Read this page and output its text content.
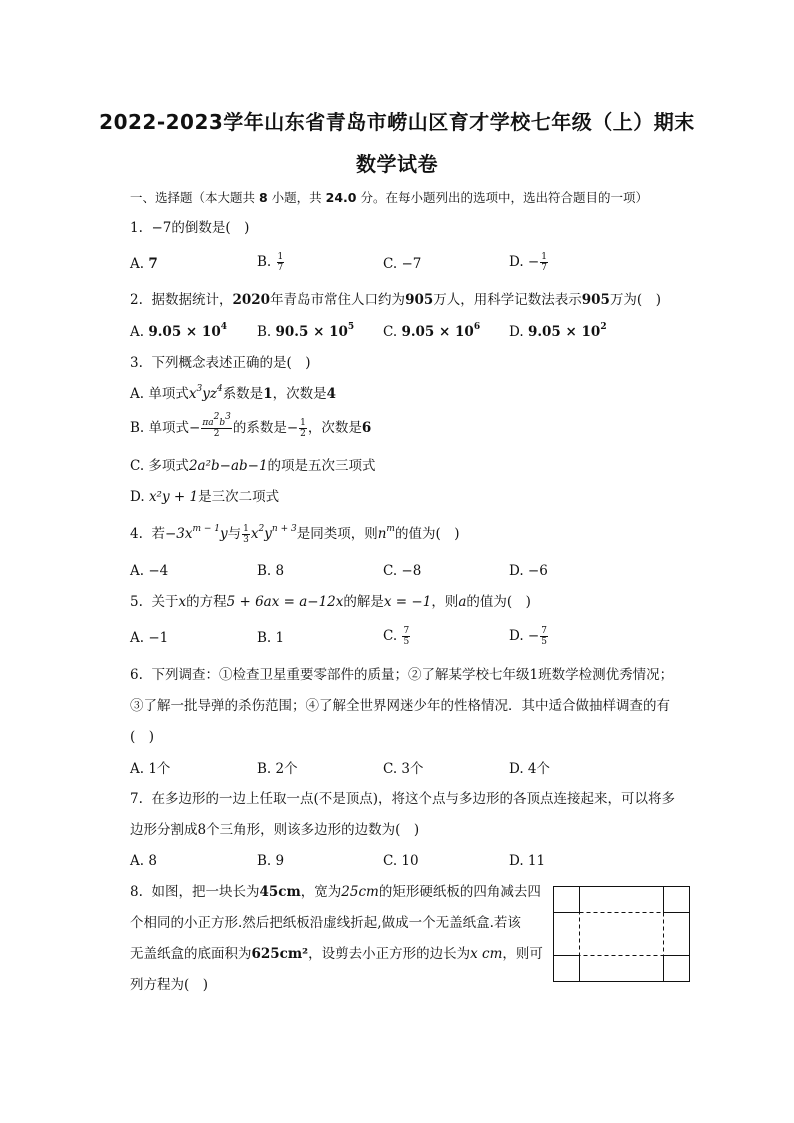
2022-2023学年山东省青岛市崂山区育才学校七年级（上）期末
数学试卷
一、选择题（本大题共 8 小题，共 24.0 分。在每小题列出的选项中，选出符合题目的一项）
1. −7的倒数是(　)
A. 7	B. $\frac{1}{7}$	C. −7	D. − $\frac{1}{7}$
2. 据数据统计，2020年青岛市常住人口约为905万人，用科学记数法表示905万为(　)
A. $9.05 \times 10^4$ B. $90.5 \times 10^5$ C. $9.05 \times 10^6$ D. $9.05 \times 10^2$
3. 下列概念表述正确的是(　)
A. 单项式$x^3yz^4$系数是1，次数是4
B. 单项式− $\frac{\pi a^2b^3}{2}$ 的系数是− $\frac{1}{2}$ ，次数是6
C. 多项式2a²b−ab−1的项是五次三项式
D. x²y + 1是三次二项式
4. 若$-3x^{m - 1}y$与 $\frac{1}{3} x^2y^{n + 3}$是同类项，则$n^m$的值为(　)
A. −4	B. 8	C. −8	D. −6
5. 关于x的方程5 + 6ax = a−12x的解是x = −1，则a的值为(　)
A. −1	B. 1	C. $\frac{7}{5}$	D. − $\frac{7}{5}$
6. 下列调查：①检查卫星重要零部件的质量；②了解某学校七年级1班数学检测优秀情况；
③了解一批导弹的杀伤范围；④了解全世界网迷少年的性格情况．其中适合做抽样调查的有
(　)
A. 1个	B. 2个	C. 3个	D. 4个
7. 在多边形的一边上任取一点(不是顶点)，将这个点与多边形的各顶点连接起来，可以将多
边形分割成8个三角形，则该多边形的边数为(　)
A. 8	B. 9	C. 10	D. 11
8. 如图，把一块长为45cm，宽为25cm的矩形硬纸板的四角减去四
个相同的小正方形.然后把纸板沿虚线折起,做成一个无盖纸盒.若该
无盖纸盒的底面积为625cm²，设剪去小正方形的边长为x cm，则可
列方程为(　)
